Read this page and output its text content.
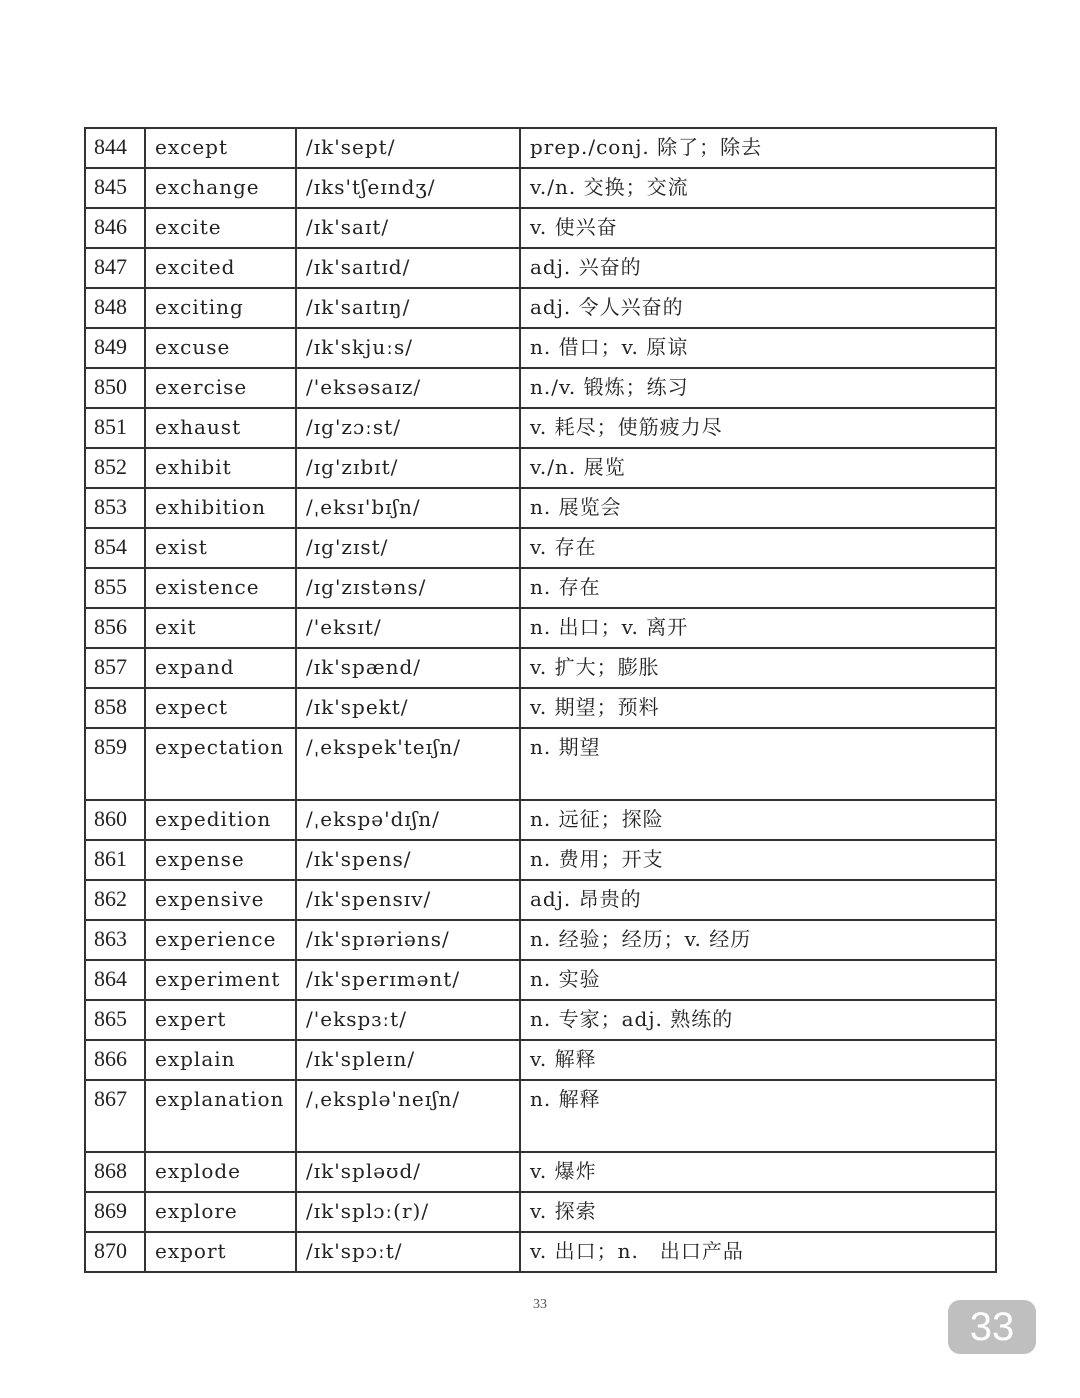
844	except	/ɪk'sept/	prep./conj. 除了；除去
845	exchange	/ɪks'tʃeɪndʒ/	v./n. 交换；交流
846	excite	/ɪk'saɪt/	v. 使兴奋
847	excited	/ɪk'saɪtɪd/	adj. 兴奋的
848	exciting	/ɪk'saɪtɪŋ/	adj. 令人兴奋的
849	excuse	/ɪk'skjuːs/	n. 借口；v. 原谅
850	exercise	/'eksəsaɪz/	n./v. 锻炼；练习
851	exhaust	/ɪg'zɔːst/	v. 耗尽；使筋疲力尽
852	exhibit	/ɪg'zɪbɪt/	v./n. 展览
853	exhibition	/ˌeksɪ'bɪʃn/	n. 展览会
854	exist	/ɪg'zɪst/	v. 存在
855	existence	/ɪg'zɪstəns/	n. 存在
856	exit	/'eksɪt/	n. 出口；v. 离开
857	expand	/ɪk'spænd/	v. 扩大；膨胀
858	expect	/ɪk'spekt/	v. 期望；预料
859	expectation	/ˌekspek'teɪʃn/	n. 期望
860	expedition	/ˌekspə'dɪʃn/	n. 远征；探险
861	expense	/ɪk'spens/	n. 费用；开支
862	expensive	/ɪk'spensɪv/	adj. 昂贵的
863	experience	/ɪk'spɪəriəns/	n. 经验；经历；v. 经历
864	experiment	/ɪk'sperɪmənt/	n. 实验
865	expert	/'ekspɜːt/	n. 专家；adj. 熟练的
866	explain	/ɪk'spleɪn/	v. 解释
867	explanation	/ˌeksplə'neɪʃn/	n. 解释
868	explode	/ɪk'spləʊd/	v. 爆炸
869	explore	/ɪk'splɔː(r)/	v. 探索
870	export	/ɪk'spɔːt/	v. 出口；n.　出口产品
33
33
